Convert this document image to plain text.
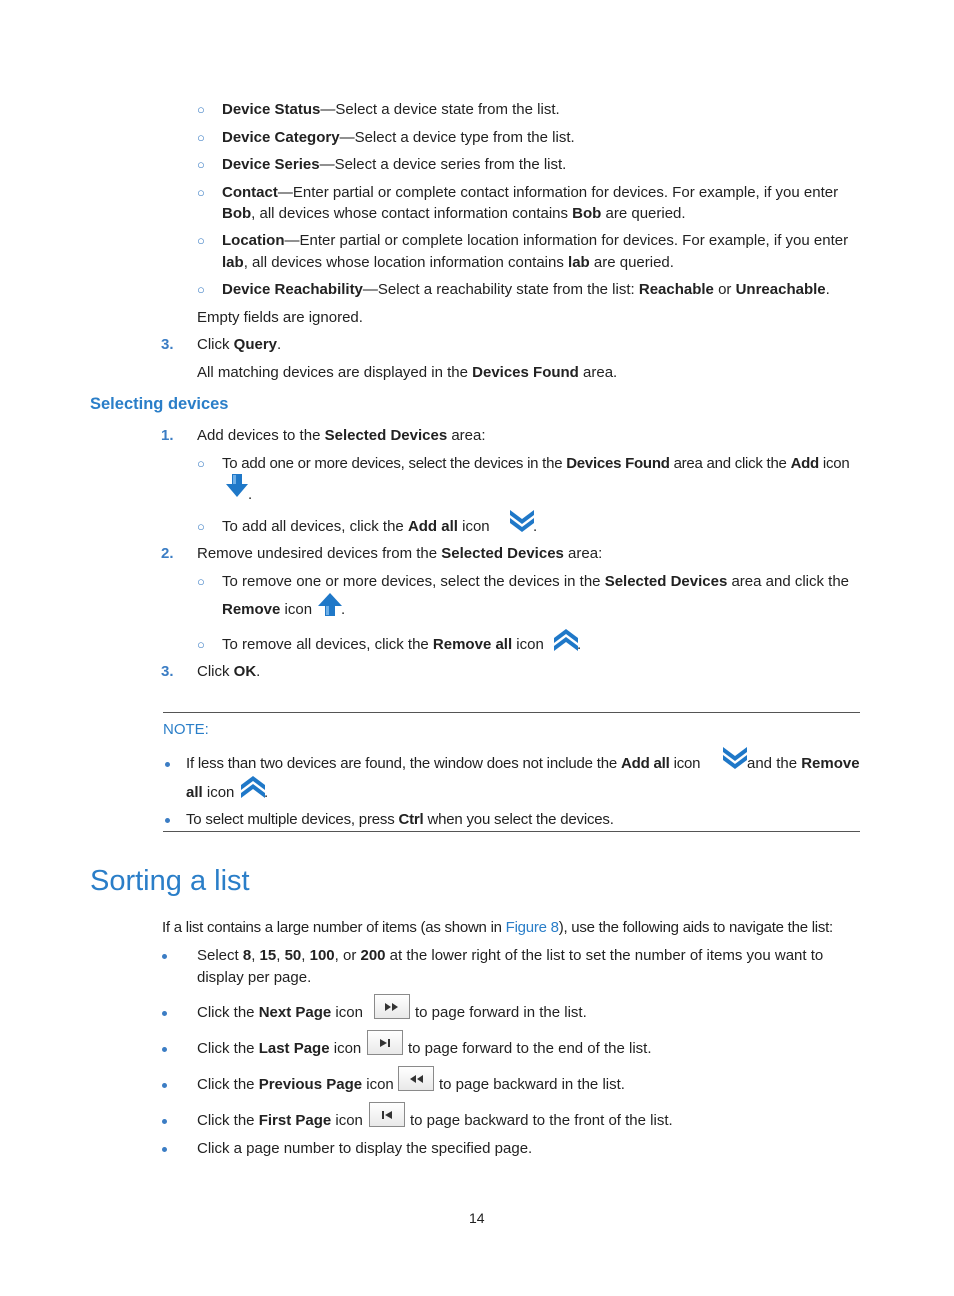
○ Device Status—Select a device state from the list.
○ Device Category—Select a device type from the list.
○ Device Series—Select a device series from the list.
○ Contact—Enter partial or complete contact information for devices. For example, if you enter
Bob, all devices whose contact information contains Bob are queried.
○ Location—Enter partial or complete location information for devices. For example, if you enter
lab, all devices whose location information contains lab are queried.
○ Device Reachability—Select a reachability state from the list: Reachable or Unreachable.
Empty fields are ignored.
3. Click Query.
All matching devices are displayed in the Devices Found area.
Selecting devices
1. Add devices to the Selected Devices area:
○ To add one or more devices, select the devices in the Devices Found area and click the Add icon
.
○ To add all devices, click the Add all icon	.
2. Remove undesired devices from the Selected Devices area:
○ To remove one or more devices, select the devices in the Selected Devices area and click the
Remove icon .
○ To remove all devices, click the Remove all icon .
3. Click OK.
NOTE:
If less than two devices are found, the window does not include the Add all icon	and the Remove
all icon .
To select multiple devices, press Ctrl when you select the devices.
Sorting a list
If a list contains a large number of items (as shown in Figure 8), use the following aids to navigate the list:
Select 8, 15, 50, 100, or 200 at the lower right of the list to set the number of items you want to
display per page.
Click the Next Page icon	to page forward in the list.
Click the Last Page icon	to page forward to the end of the list.
Click the Previous Page icon	to page backward in the list.
Click the First Page icon	to page backward to the front of the list.
Click a page number to display the specified page.
14
